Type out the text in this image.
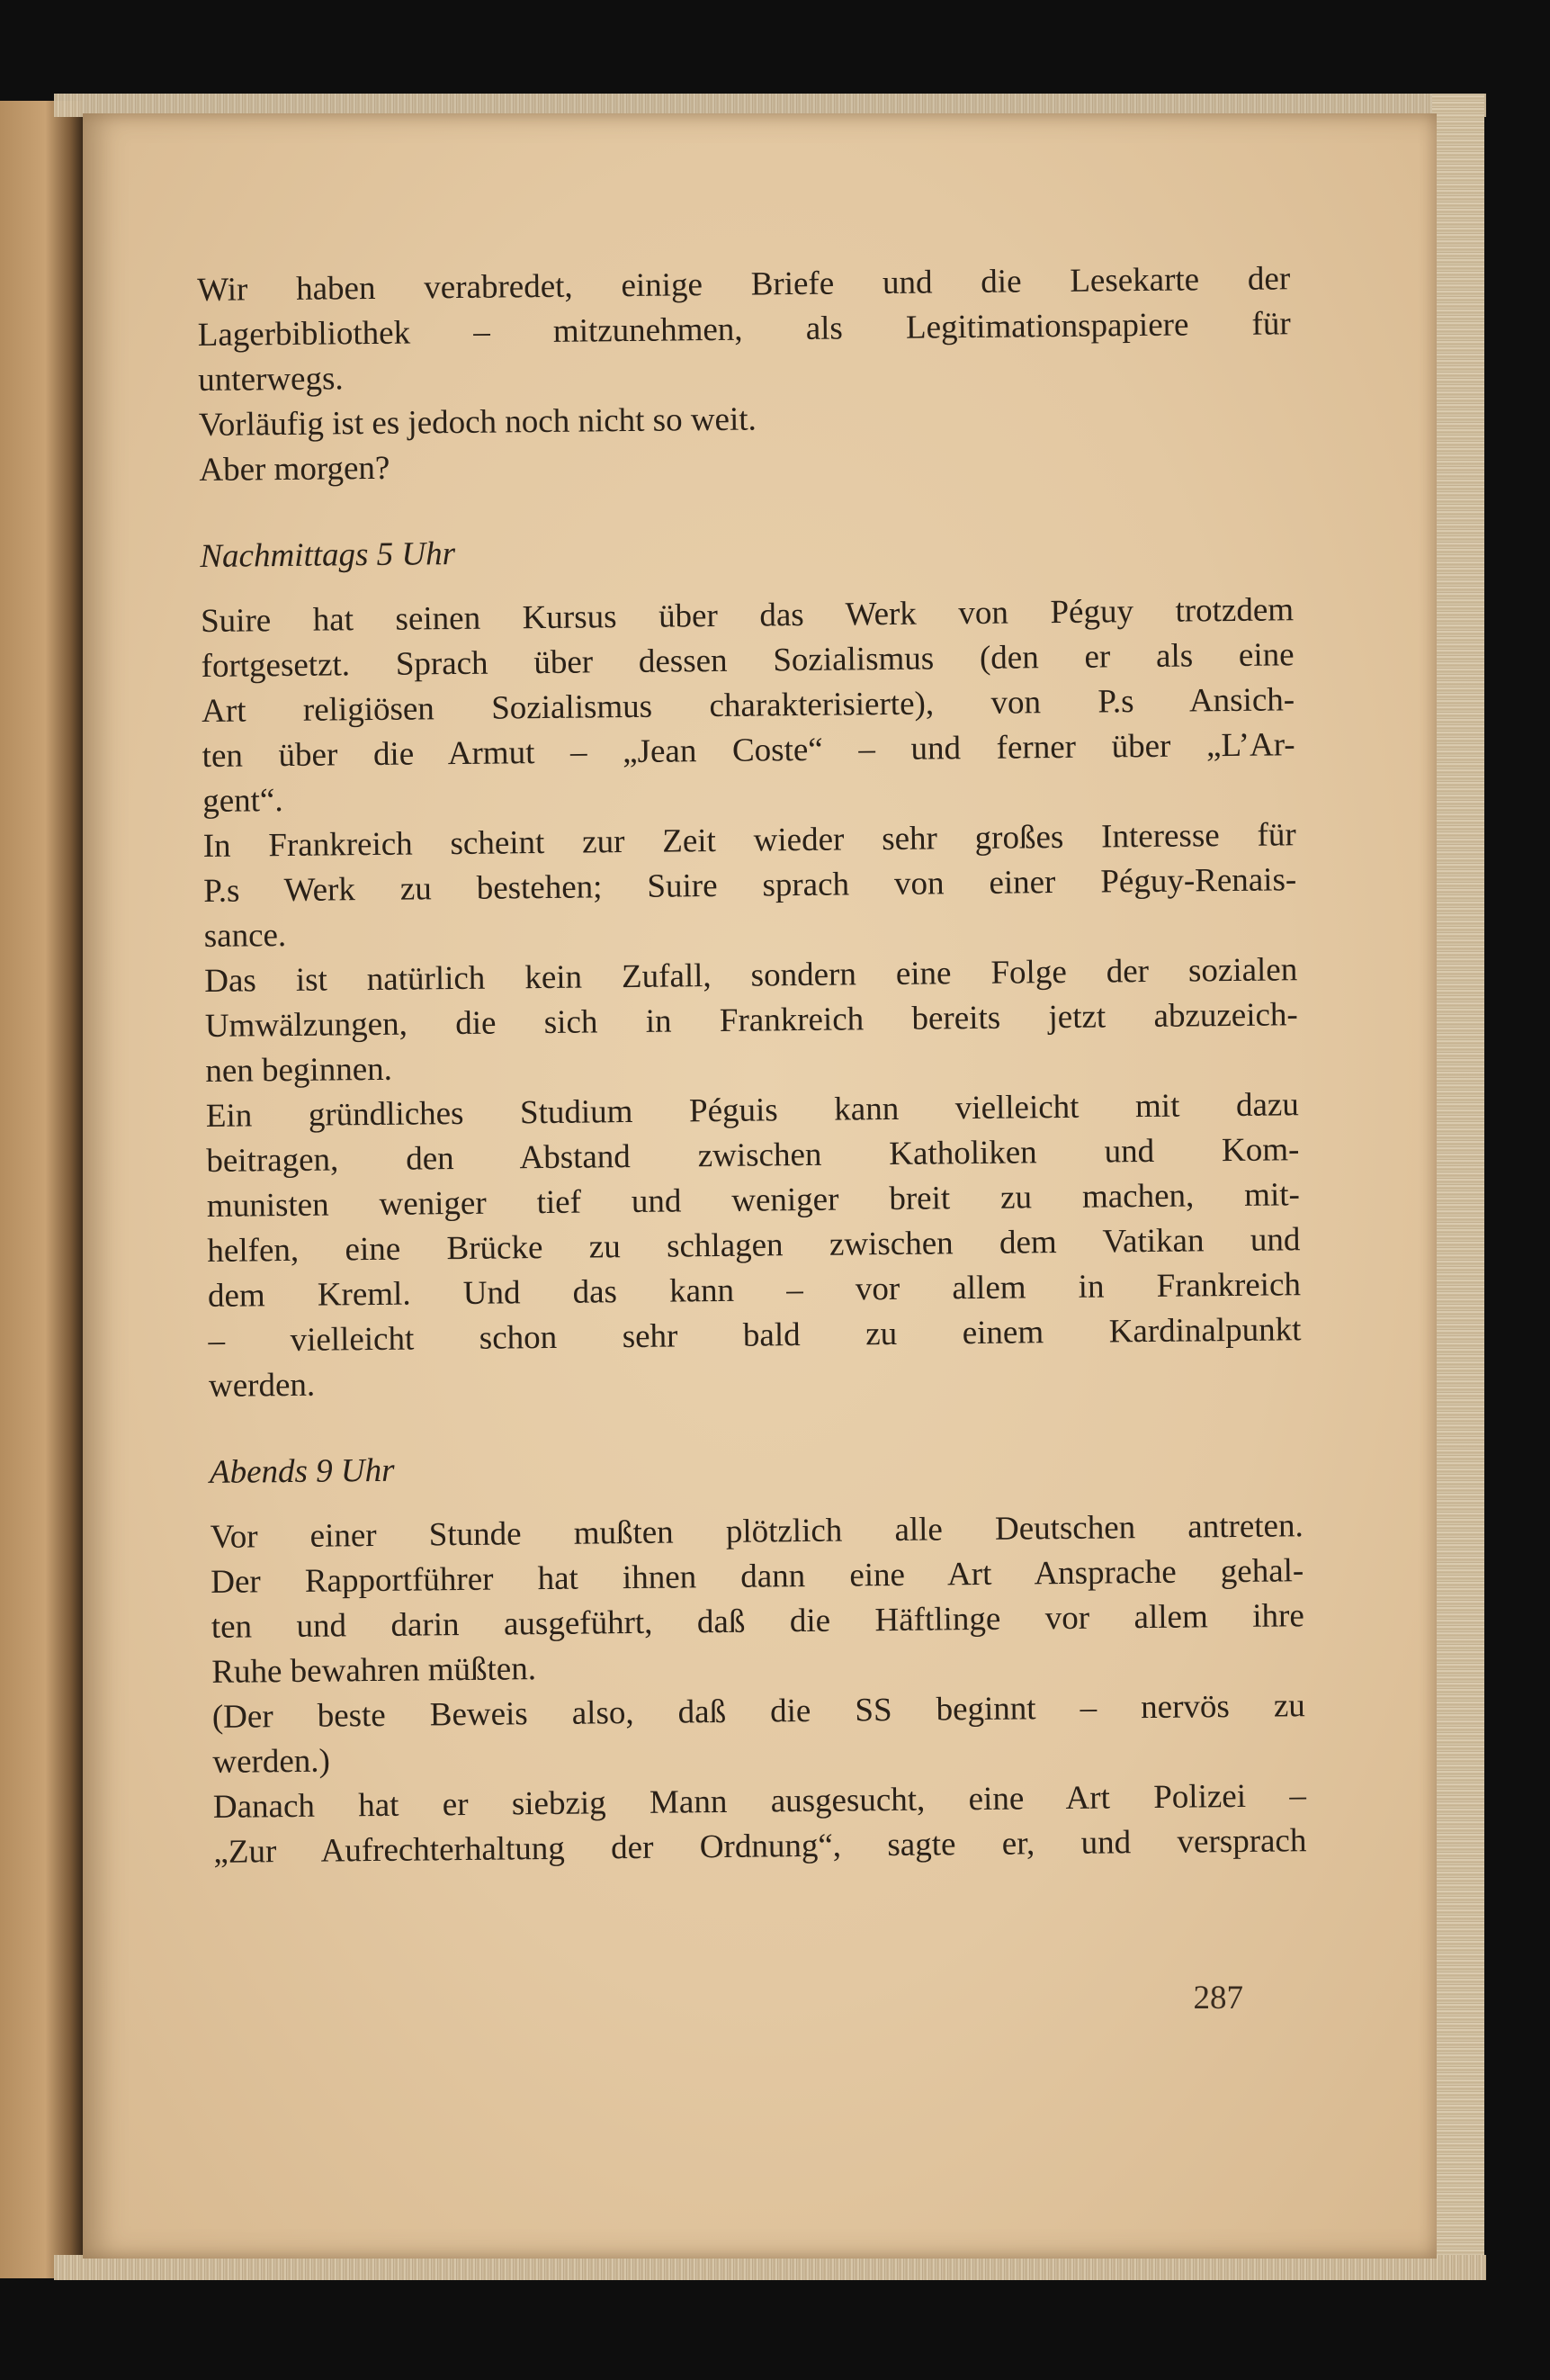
Wir haben verabredet, einige Briefe und die Lesekarte der
Lagerbibliothek – mitzunehmen, als Legitimationspapiere für
unterwegs.
Vorläufig ist es jedoch noch nicht so weit.
Aber morgen?
Nachmittags 5 Uhr
Suire hat seinen Kursus über das Werk von Péguy trotzdem
fortgesetzt. Sprach über dessen Sozialismus (den er als eine
Art religiösen Sozialismus charakterisierte), von P.s Ansich-
ten über die Armut – „Jean Coste“ – und ferner über „L’Ar-
gent“.
In Frankreich scheint zur Zeit wieder sehr großes Interesse für
P.s Werk zu bestehen; Suire sprach von einer Péguy-Renais-
sance.
Das ist natürlich kein Zufall, sondern eine Folge der sozialen
Umwälzungen, die sich in Frankreich bereits jetzt abzuzeich-
nen beginnen.
Ein gründliches Studium Péguis kann vielleicht mit dazu
beitragen, den Abstand zwischen Katholiken und Kom-
munisten weniger tief und weniger breit zu machen, mit-
helfen, eine Brücke zu schlagen zwischen dem Vatikan und
dem Kreml. Und das kann – vor allem in Frankreich
– vielleicht schon sehr bald zu einem Kardinalpunkt
werden.
Abends 9 Uhr
Vor einer Stunde mußten plötzlich alle Deutschen antreten.
Der Rapportführer hat ihnen dann eine Art Ansprache gehal-
ten und darin ausgeführt, daß die Häftlinge vor allem ihre
Ruhe bewahren müßten.
(Der beste Beweis also, daß die SS beginnt – nervös zu
werden.)
Danach hat er siebzig Mann ausgesucht, eine Art Polizei –
„Zur Aufrechterhaltung der Ordnung“, sagte er, und versprach
287
